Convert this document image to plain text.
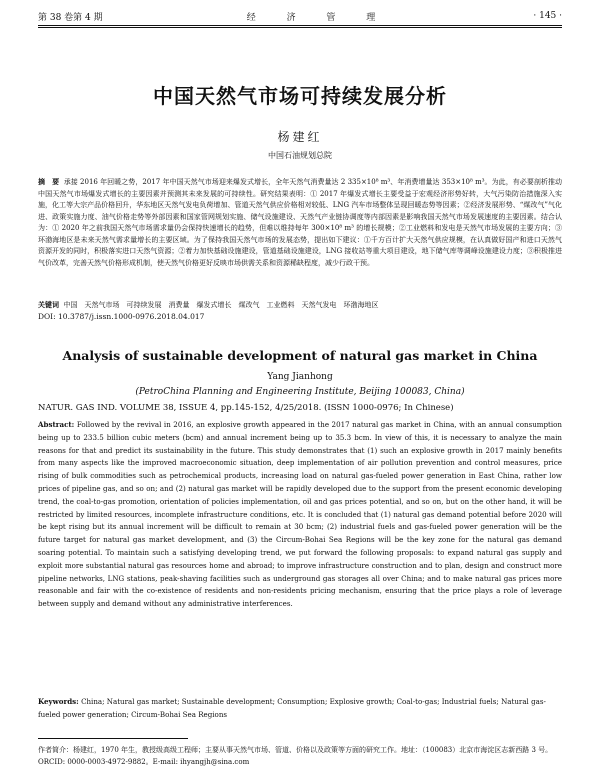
第 38 卷第 4 期	经 济 管 理	· 145 ·
中国天然气市场可持续发展分析
杨建红
中国石油规划总院
摘　要 承接 2016 年回暖之势，2017 年中国天然气市场迎来爆发式增长，全年天然气消费量达 2 335×10⁸ m³、年消费增量达 353×10⁸ m³。为此，有必要剖析推动中国天然气市场爆发式增长的主要因素并预测其未来发展的可持续性。研究结果表明：① 2017 年爆发式增长主要受益于宏观经济形势好转，大气污染防治措施深入实施，化工等大宗产品价格回升，华东地区天然气发电负荷增加、管道天然气供应价格相对较低、LNG 汽车市场整体呈现回暖态势等因素；②经济发展形势、“煤改气”气化进、政策实施力度、油气价格走势等外部因素和国家管网规划实施、储气设施建设、天然气产业链协调度等内部因素是影响我国天然气市场发展速度的主要因素。结合认为：① 2020 年之前我国天然气市场需求量仍会保持快速增长的趋势，但难以维持每年 300×10⁸ m³ 的增长规模；②工业燃料和发电是天然气市场发展的主要方向；③环渤海地区是未来天然气需求量增长的主要区域。为了保持我国天然气市场的发展态势，提出如下建议：①千方百计扩大天然气供应规模，在认真做好国产和进口天然气资源开发的同时，积极落实进口天然气资源；②着力加快基础设施建设，管道基础设施建设，LNG 接收站等重大项目建设，地下储气库等调峰设施建设力度；③积极推进气价改革，完善天然气价格形成机制，使天然气价格更好反映市场供需关系和资源稀缺程度，减少行政干预。
关键词 中国　天然气市场　可持续发展　消费量　爆发式增长　煤改气　工业燃料　天然气发电　环渤海地区
DOI: 10.3787/j.issn.1000-0976.2018.04.017
Analysis of sustainable development of natural gas market in China
Yang Jianhong
(PetroChina Planning and Engineering Institute, Beijing 100083, China)
NATUR. GAS IND. VOLUME 38, ISSUE 4, pp.145-152, 4/25/2018. (ISSN 1000-0976; In Chinese)
Abstract: Followed by the revival in 2016, an explosive growth appeared in the 2017 natural gas market in China, with an annual consumption being up to 233.5 billion cubic meters (bcm) and annual increment being up to 35.3 bcm. In view of this, it is necessary to analyze the main reasons for that and predict its sustainability in the future. This study demonstrates that (1) such an explosive growth in 2017 mainly benefits from many aspects like the improved macroeconomic situation, deep implementation of air pollution prevention and control measures, price rising of bulk commodities such as petrochemical products, increasing load on natural gas-fueled power generation in East China, rather low prices of pipeline gas, and so on; and (2) natural gas market will be rapidly developed due to the support from the present economic developing trend, the coal-to-gas promotion, orientation of policies implementation, oil and gas prices potential, and so on, but on the other hand, it will be restricted by limited resources, incomplete infrastructure conditions, etc. It is concluded that (1) natural gas demand potential before 2020 will be kept rising but its annual increment will be difficult to remain at 30 bcm; (2) industrial fuels and gas-fueled power generation will be the future target for natural gas market development, and (3) the Circum-Bohai Sea Regions will be the key zone for the natural gas demand soaring potential. To maintain such a satisfying developing trend, we put forward the following proposals: to expand natural gas supply and exploit more substantial natural gas resources home and abroad; to improve infrastructure construction and to plan, design and construct more pipeline networks, LNG stations, peak-shaving facilities such as underground gas storages all over China; and to make natural gas prices more reasonable and fair with the co-existence of residents and non-residents pricing mechanism, ensuring that the price plays a role of leverage between supply and demand without any administrative interferences.
Keywords: China; Natural gas market; Sustainable development; Consumption; Explosive growth; Coal-to-gas; Industrial fuels; Natural gas-fueled power generation; Circum-Bohai Sea Regions
作者简介：杨建红，1970 年生，教授级高级工程师；主要从事天然气市场、管道、价格以及政策等方面的研究工作。地址：（100083）北京市海淀区志新西路 3 号。ORCID: 0000-0003-4972-9882。E-mail: ihyangjh@sina.com
